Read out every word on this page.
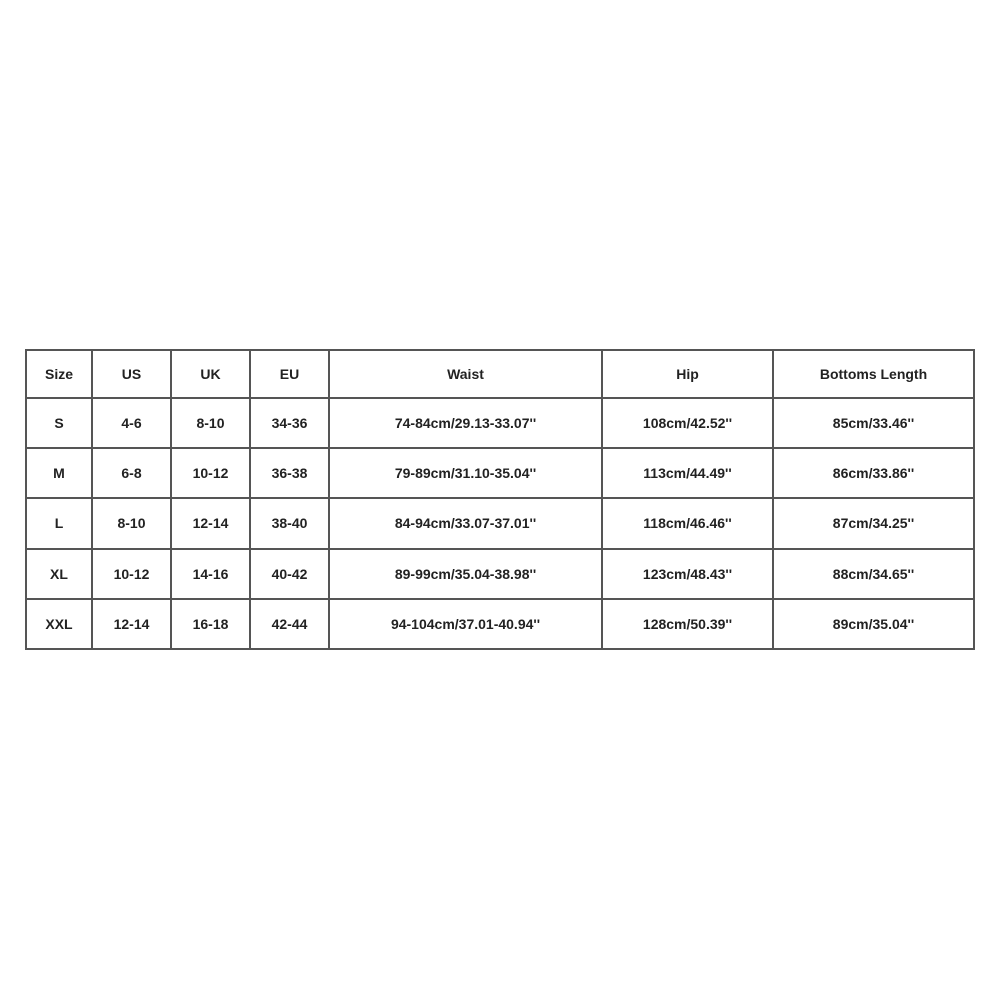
Size	US	UK	EU	Waist	Hip	Bottoms Length
S	4-6	8-10	34-36	74-84cm/29.13-33.07''	108cm/42.52''	85cm/33.46''
M	6-8	10-12	36-38	79-89cm/31.10-35.04''	113cm/44.49''	86cm/33.86''
L	8-10	12-14	38-40	84-94cm/33.07-37.01''	118cm/46.46''	87cm/34.25''
XL	10-12	14-16	40-42	89-99cm/35.04-38.98''	123cm/48.43''	88cm/34.65''
XXL	12-14	16-18	42-44	94-104cm/37.01-40.94''	128cm/50.39''	89cm/35.04''
